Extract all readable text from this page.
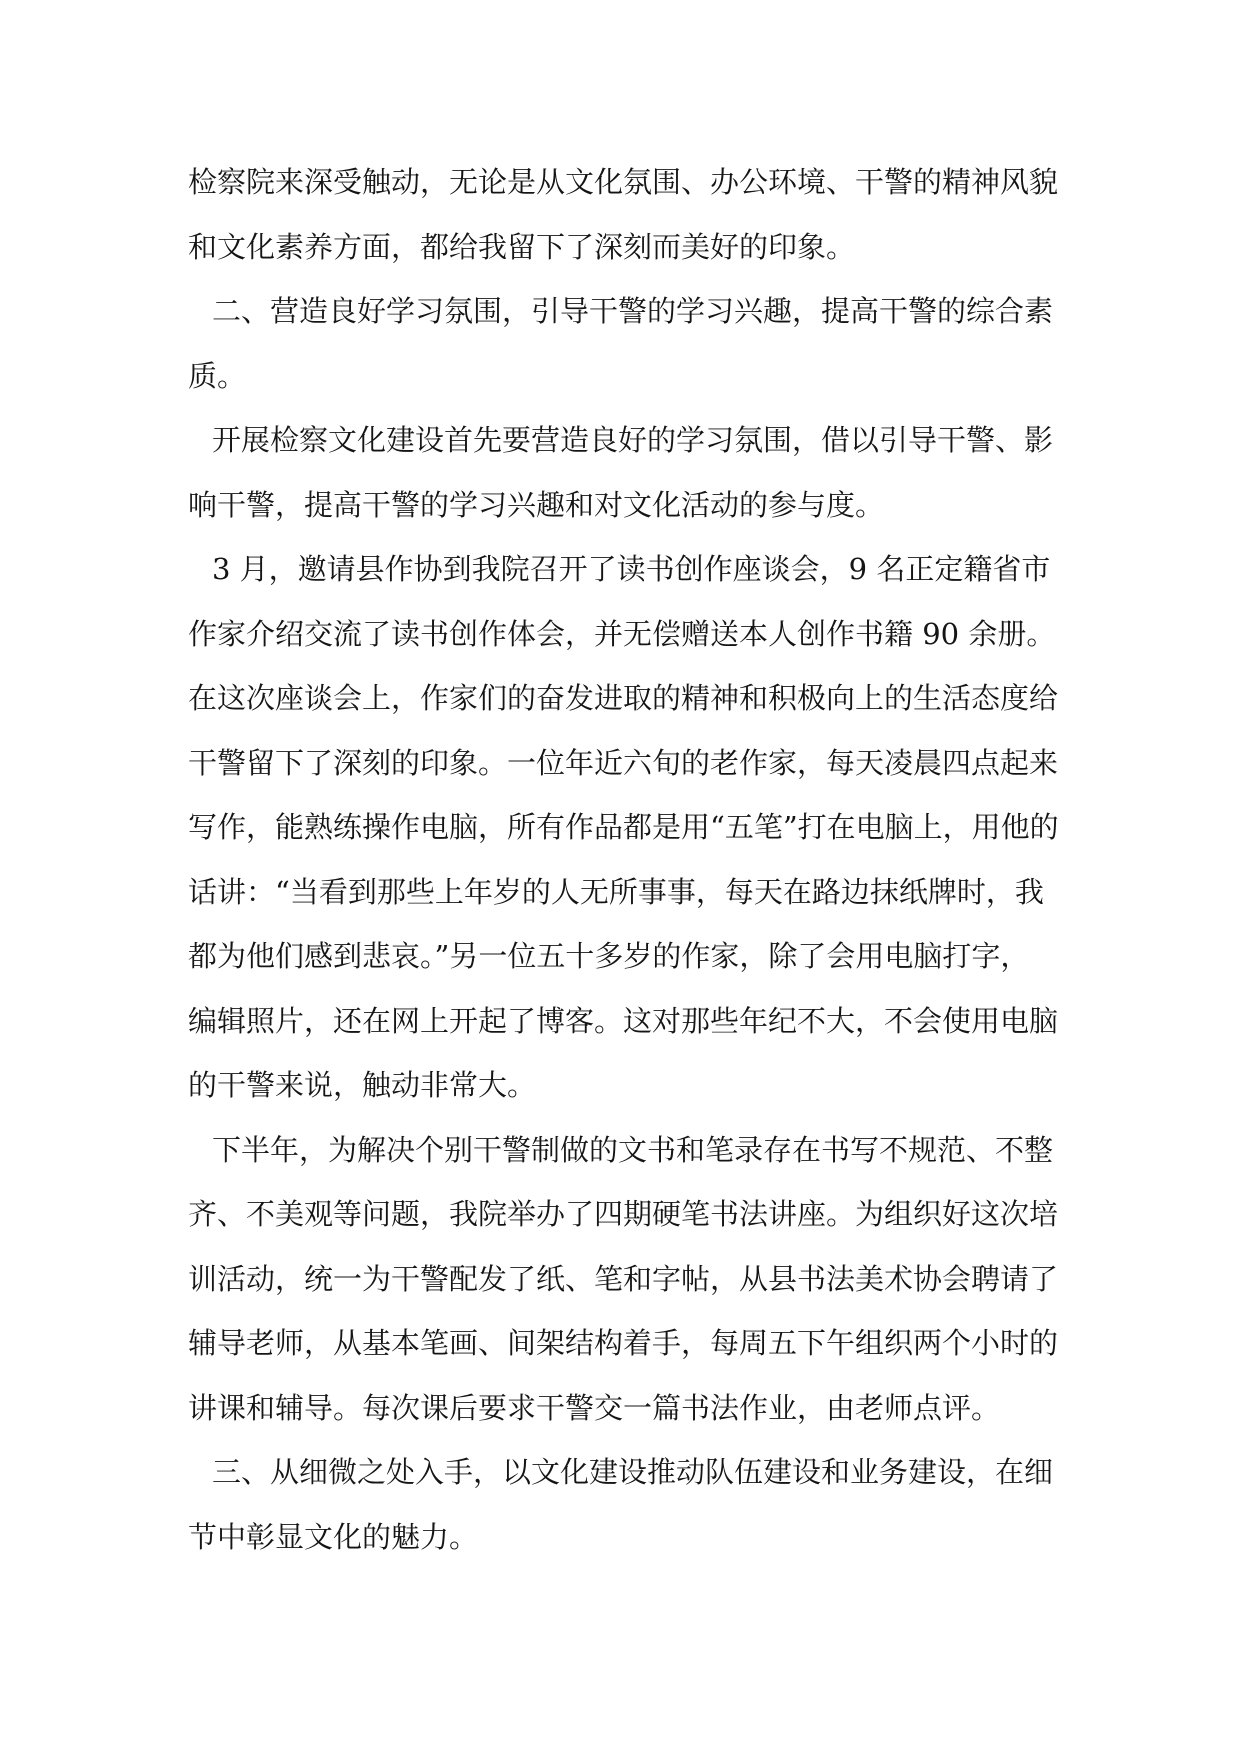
检察院来深受触动，无论是从文化氛围、办公环境、干警的精神风貌
和文化素养方面，都给我留下了深刻而美好的印象。

二、营造良好学习氛围，引导干警的学习兴趣，提高干警的综合素
质。

开展检察文化建设首先要营造良好的学习氛围，借以引导干警、影
响干警，提高干警的学习兴趣和对文化活动的参与度。

3 月，邀请县作协到我院召开了读书创作座谈会，9 名正定籍省市
作家介绍交流了读书创作体会，并无偿赠送本人创作书籍 90 余册。
在这次座谈会上，作家们的奋发进取的精神和积极向上的生活态度给
干警留下了深刻的印象。一位年近六旬的老作家，每天凌晨四点起来
写作，能熟练操作电脑，所有作品都是用“五笔”打在电脑上，用他的
话讲：“当看到那些上年岁的人无所事事，每天在路边抹纸牌时，我
都为他们感到悲哀。”另一位五十多岁的作家，除了会用电脑打字，
编辑照片，还在网上开起了博客。这对那些年纪不大，不会使用电脑
的干警来说，触动非常大。

下半年，为解决个别干警制做的文书和笔录存在书写不规范、不整
齐、不美观等问题，我院举办了四期硬笔书法讲座。为组织好这次培
训活动，统一为干警配发了纸、笔和字帖，从县书法美术协会聘请了
辅导老师，从基本笔画、间架结构着手，每周五下午组织两个小时的
讲课和辅导。每次课后要求干警交一篇书法作业，由老师点评。

三、从细微之处入手，以文化建设推动队伍建设和业务建设，在细
节中彰显文化的魅力。
